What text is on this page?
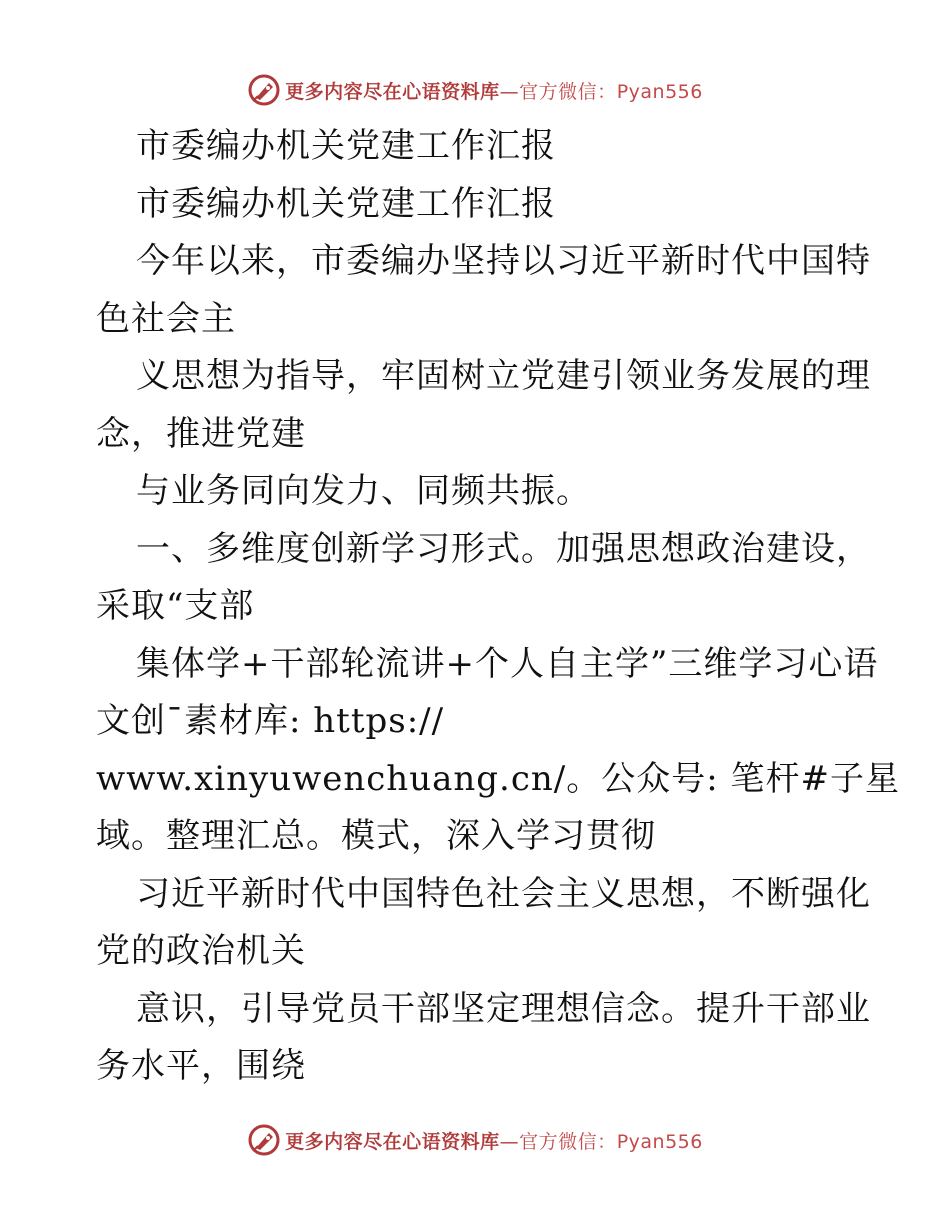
更多内容尽在心语资料库—官方微信：Pyan556
市委编办机关党建工作汇报
市委编办机关党建工作汇报
今年以来，市委编办坚持以习近平新时代中国特
色社会主
义思想为指导，牢固树立党建引领业务发展的理
念，推进党建
与业务同向发力、同频共振。
一、多维度创新学习形式。加强思想政治建设，
采取“支部
集体学+干部轮流讲+个人自主学”三维学习心语
文创¯素材库: https://
www.xinyuwenchuang.cn/。公众号: 笔杆#子星
域。整理汇总。模式，深入学习贯彻
习近平新时代中国特色社会主义思想，不断强化
党的政治机关
意识，引导党员干部坚定理想信念。提升干部业
务水平，围绕
更多内容尽在心语资料库—官方微信：Pyan556
